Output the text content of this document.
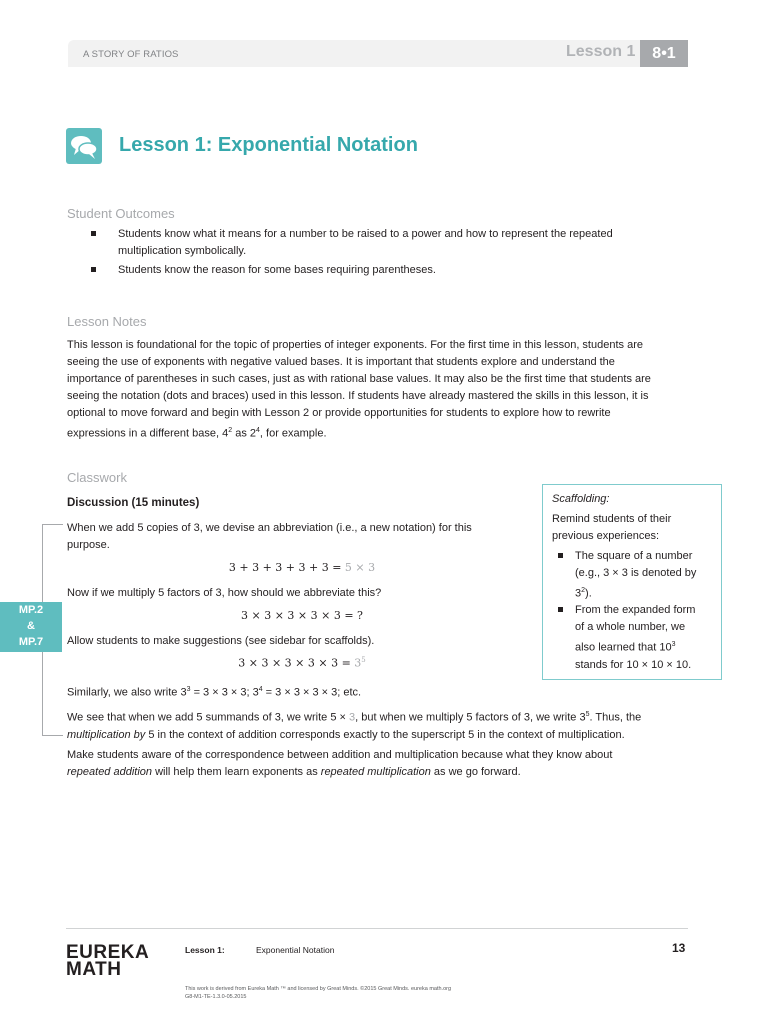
A STORY OF RATIOS	Lesson 1	8•1
Lesson 1: Exponential Notation
Student Outcomes
Students know what it means for a number to be raised to a power and how to represent the repeated
multiplication symbolically.
Students know the reason for some bases requiring parentheses.
Lesson Notes
This lesson is foundational for the topic of properties of integer exponents. For the first time in this lesson, students are
seeing the use of exponents with negative valued bases. It is important that students explore and understand the
importance of parentheses in such cases, just as with rational base values. It may also be the first time that students are
seeing the notation (dots and braces) used in this lesson. If students have already mastered the skills in this lesson, it is
optional to move forward and begin with Lesson 2 or provide opportunities for students to explore how to rewrite
expressions in a different base, $4^2$ as $2^4$, for example.
Classwork
Discussion (15 minutes)
When we add 5 copies of 3, we devise an abbreviation (i.e., a new notation) for this
purpose.
3 + 3 + 3 + 3 + 3 = 5 × 3
Now if we multiply 5 factors of 3, how should we abbreviate this?
3 × 3 × 3 × 3 × 3 = ?
MP.2
&
MP.7	Allow students to make suggestions (see sidebar for scaffolds).
$3 \times 3 \times 3 \times 3 \times 3 = 3^5$
Similarly, we also write $3^3 = 3 \times 3 \times 3$; $3^4 = 3 \times 3 \times 3 \times 3$; etc.
We see that when we add 5 summands of 3, we write 5 × 3, but when we multiply 5 factors of 3, we write $3^5$. Thus, the
multiplication by 5 in the context of addition corresponds exactly to the superscript 5 in the context of multiplication.
Make students aware of the correspondence between addition and multiplication because what they know about
repeated addition will help them learn exponents as repeated multiplication as we go forward.
Scaffolding:
Remind students of their
previous experiences:
The square of a number
(e.g., 3 × 3 is denoted by
$3^2$).
From the expanded form
of a whole number, we
also learned that $10^3$
stands for 10 × 10 × 10.
EUREKA
MATH
Lesson 1:	Exponential Notation	13
This work is derived from Eureka Math ™ and licensed by Great Minds. ©2015 Great Minds. eureka math.org
G8-M1-TE-1.3.0-05.2015
